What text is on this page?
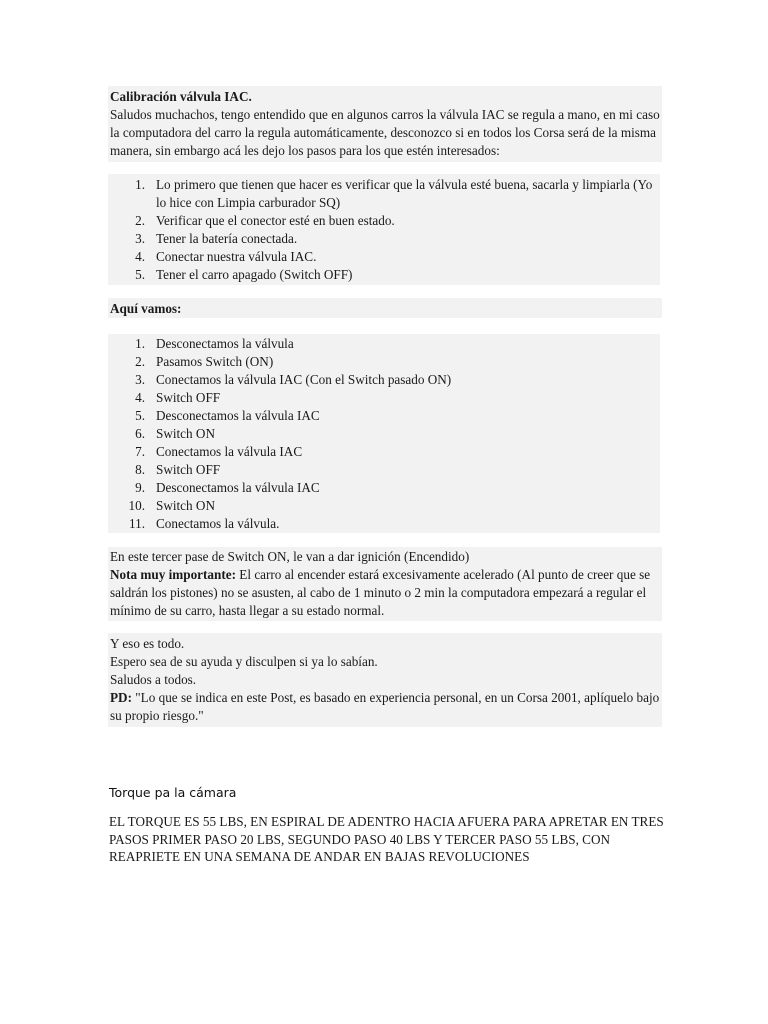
Calibración válvula IAC.

Saludos muchachos, tengo entendido que en algunos carros la válvula IAC se regula a mano, en mi caso la computadora del carro la regula automáticamente, desconozco si en todos los Corsa será de la misma manera, sin embargo acá les dejo los pasos para los que estén interesados:

1. Lo primero que tienen que hacer es verificar que la válvula esté buena, sacarla y limpiarla (Yo lo hice con Limpia carburador SQ)
2. Verificar que el conector esté en buen estado.
3. Tener la batería conectada.
4. Conectar nuestra válvula IAC.
5. Tener el carro apagado (Switch OFF)

Aquí vamos:

1. Desconectamos la válvula
2. Pasamos Switch (ON)
3. Conectamos la válvula IAC (Con el Switch pasado ON)
4. Switch OFF
5. Desconectamos la válvula IAC
6. Switch ON
7. Conectamos la válvula IAC
8. Switch OFF
9. Desconectamos la válvula IAC
10. Switch ON
11. Conectamos la válvula.

En este tercer pase de Switch ON, le van a dar ignición (Encendido)

Nota muy importante: El carro al encender estará excesivamente acelerado (Al punto de creer que se saldrán los pistones) no se asusten, al cabo de 1 minuto o 2 min la computadora empezará a regular el mínimo de su carro, hasta llegar a su estado normal.

Y eso es todo.

Espero sea de su ayuda y disculpen si ya lo sabían.

Saludos a todos.

PD: "Lo que se indica en este Post, es basado en experiencia personal, en un Corsa 2001, aplíquelo bajo su propio riesgo."

Torque pa la cámara
EL TORQUE ES 55 LBS, EN ESPIRAL DE ADENTRO HACIA AFUERA PARA APRETAR EN TRES PASOS PRIMER PASO 20 LBS, SEGUNDO PASO 40 LBS Y TERCER PASO 55 LBS, CON REAPRIETE EN UNA SEMANA DE ANDAR EN BAJAS REVOLUCIONES
